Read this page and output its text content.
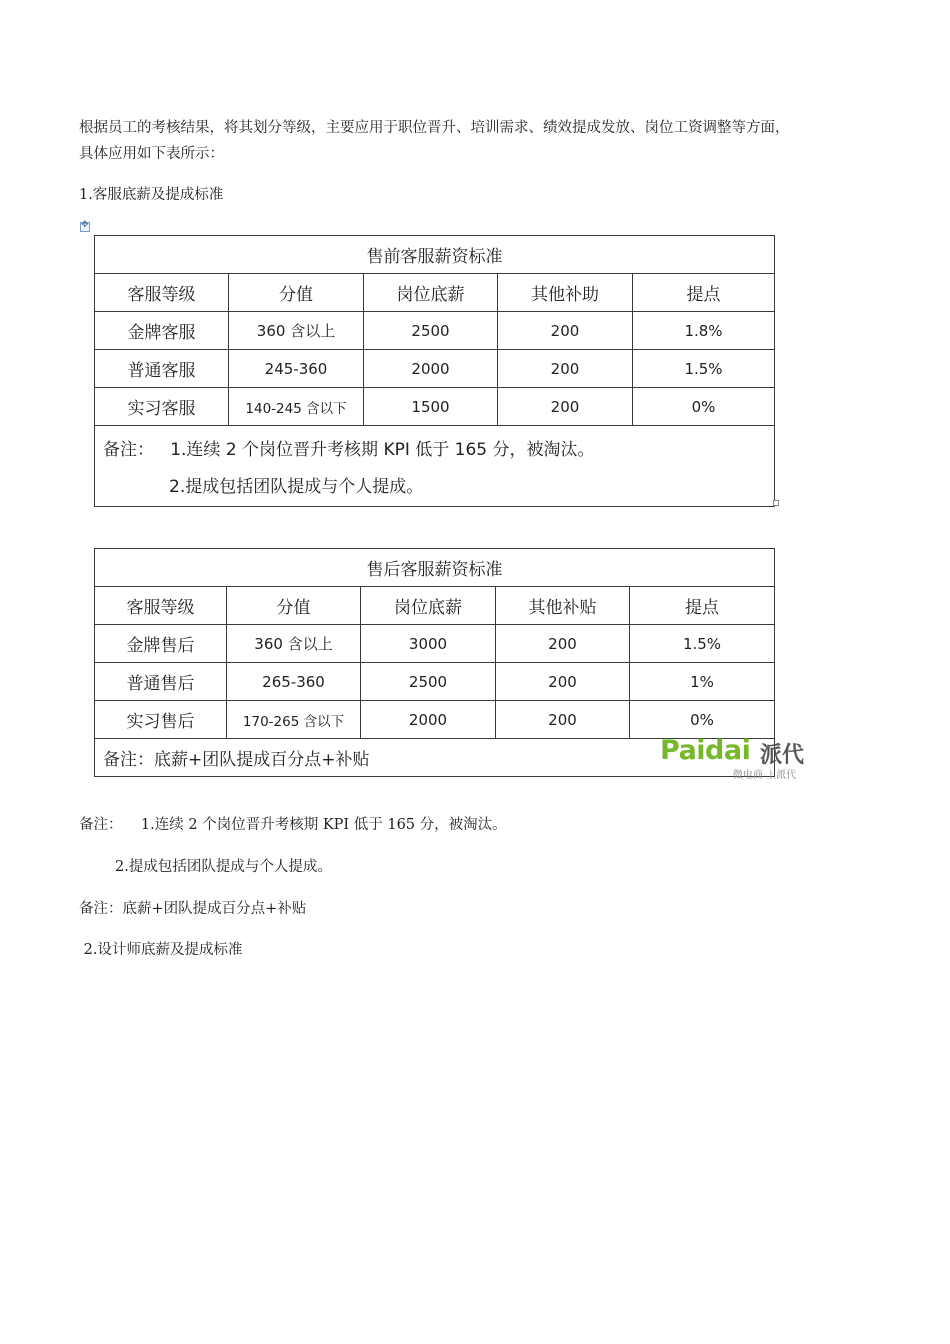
根据员工的考核结果，将其划分等级，主要应用于职位晋升、培训需求、绩效提成发放、岗位工资调整等方面，
具体应用如下表所示：
1.客服底薪及提成标准
✥
售前客服薪资标准				
客服等级	分值	岗位底薪	其他补助	提点
金牌客服	360 含以上	2500	200	1.8%
普通客服	245-360	2000	200	1.5%
实习客服	140-245 含以下	1500	200	0%

备注：   1.连续 2 个岗位晋升考核期 KPI 低于 165 分，被淘汰。
2.提成包括团队提成与个人提成。				
售后客服薪资标准				
客服等级	分值	岗位底薪	其他补贴	提点
金牌售后	360 含以上	3000	200	1.5%
普通售后	265-360	2500	200	1%
实习售后	170-265 含以下	2000	200	0%
备注：底薪+团队提成百分点+补贴					Paidai 派代
微电商 上派代
备注：    1.连续 2 个岗位晋升考核期 KPI 低于 165 分，被淘汰。
2.提成包括团队提成与个人提成。
备注：底薪+团队提成百分点+补贴
2.设计师底薪及提成标准
